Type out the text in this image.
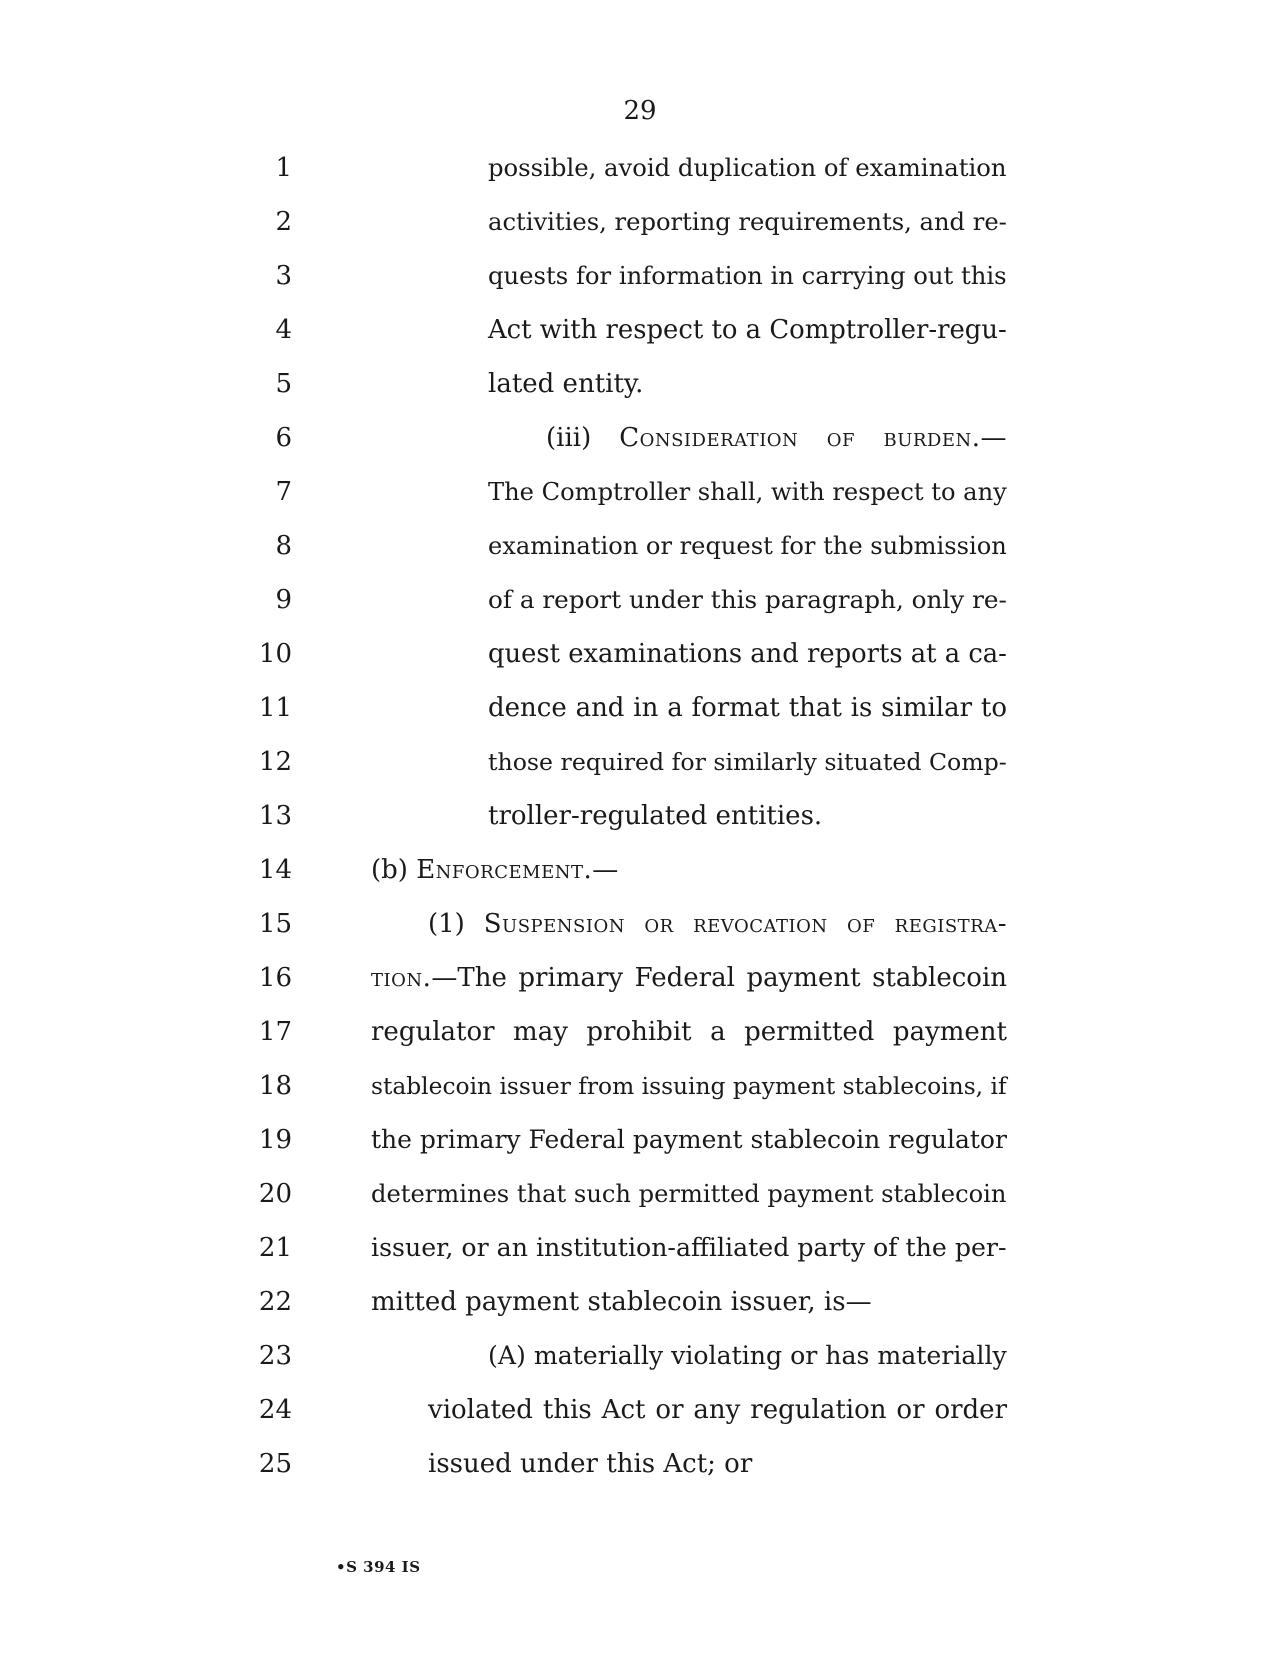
29
1	possible, avoid duplication of examination
2	activities, reporting requirements, and re-
3	quests for information in carrying out this
4	Act with respect to a Comptroller-regu-
5	lated entity.
6	(iii) Consideration of burden.—
7	The Comptroller shall, with respect to any
8	examination or request for the submission
9	of a report under this paragraph, only re-
10	quest examinations and reports at a ca-
11	dence and in a format that is similar to
12	those required for similarly situated Comp-
13	troller-regulated entities.
14	(b) Enforcement.—
15	(1) Suspension or revocation of registra-
16	tion.—The primary Federal payment stablecoin
17	regulator may prohibit a permitted payment
18	stablecoin issuer from issuing payment stablecoins, if
19	the primary Federal payment stablecoin regulator
20	determines that such permitted payment stablecoin
21	issuer, or an institution-affiliated party of the per-
22	mitted payment stablecoin issuer, is—
23	(A) materially violating or has materially
24	violated this Act or any regulation or order
25	issued under this Act; or
•S 394 IS
